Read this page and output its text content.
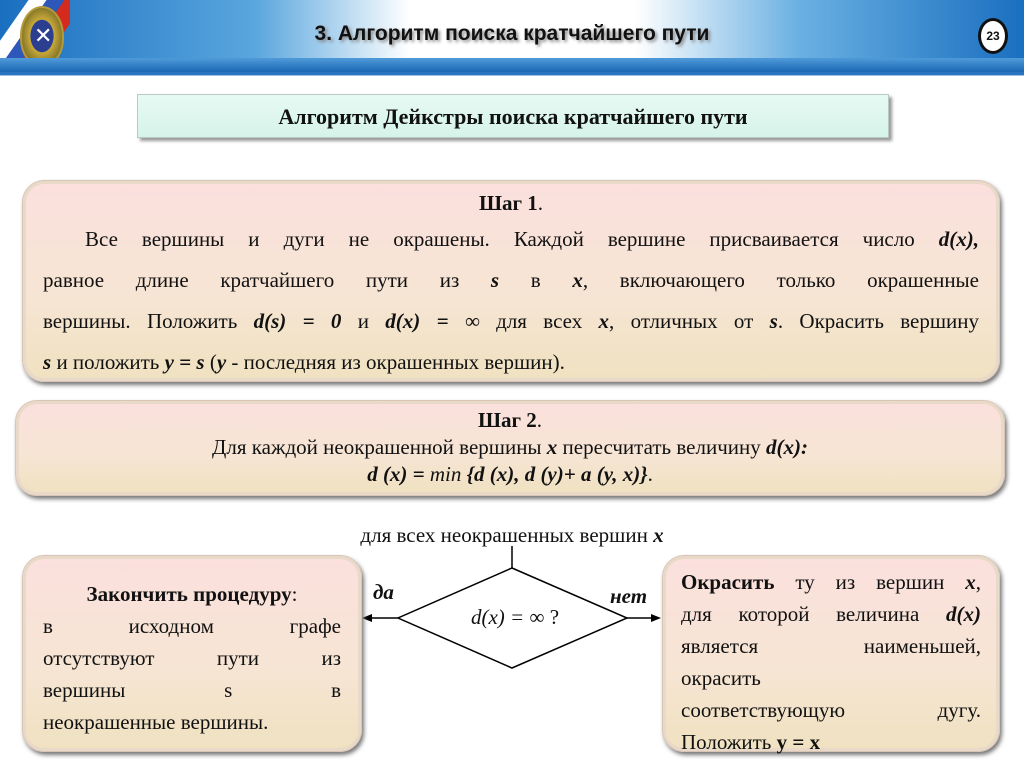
✕	3. Алгоритм поиска кратчайшего пути	23
Алгоритм Дейкстры поиска кратчайшего пути
Шаг 1.

Все вершины и дуги не окрашены. Каждой вершине присваивается число d(x),

равное длине кратчайшего пути из s в x, включающего только окрашенные

вершины. Положить d(s) = 0 и d(x) = ∞ для всех x, отличных от s. Окрасить вершину

s и положить y = s (y - последняя из окрашенных вершин).

Шаг 2.
Для каждой неокрашенной вершины x пересчитать величину d(x):
d (x) = min {d (x), d (y)+ a (y, x)}.
для всех неокрашенных вершин x
d(x) = ∞ ?
да	нет
Закончить процедуру:

в исходном графе

отсутствуют пути из

вершины s в

неокрашенные вершины.

Окрасить ту из вершин x,

для которой величина d(x)

является наименьшей,

окрасить

соответствующую дугу.

Положить y = x
